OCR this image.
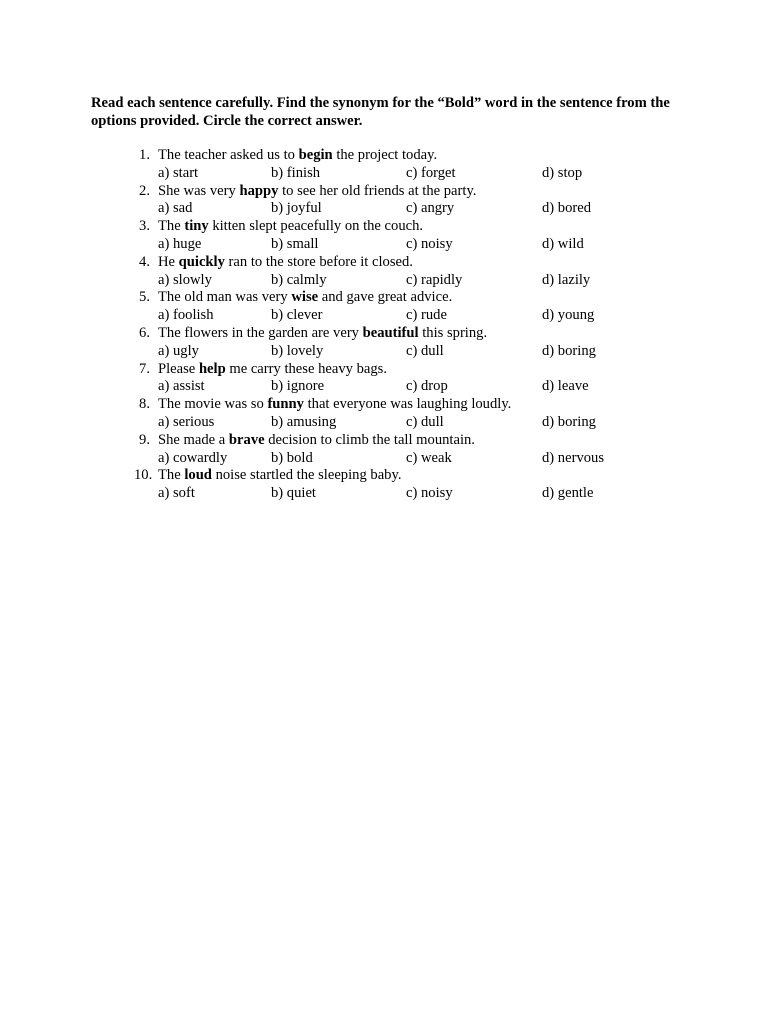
Read each sentence carefully. Find the synonym for the “Bold” word in the sentence from the options provided. Circle the correct answer.

1. The teacher asked us to begin the project today.
a) start	b) finish	c) forget	d) stop
2. She was very happy to see her old friends at the party.
a) sad	b) joyful	c) angry	d) bored
3. The tiny kitten slept peacefully on the couch.
a) huge	b) small	c) noisy	d) wild
4. He quickly ran to the store before it closed.
a) slowly	b) calmly	c) rapidly	d) lazily
5. The old man was very wise and gave great advice.
a) foolish	b) clever	c) rude	d) young
6. The flowers in the garden are very beautiful this spring.
a) ugly	b) lovely	c) dull	d) boring
7. Please help me carry these heavy bags.
a) assist	b) ignore	c) drop	d) leave
8. The movie was so funny that everyone was laughing loudly.
a) serious	b) amusing	c) dull	d) boring
9. She made a brave decision to climb the tall mountain.
a) cowardly	b) bold	c) weak	d) nervous
10. The loud noise startled the sleeping baby.
a) soft	b) quiet	c) noisy	d) gentle
